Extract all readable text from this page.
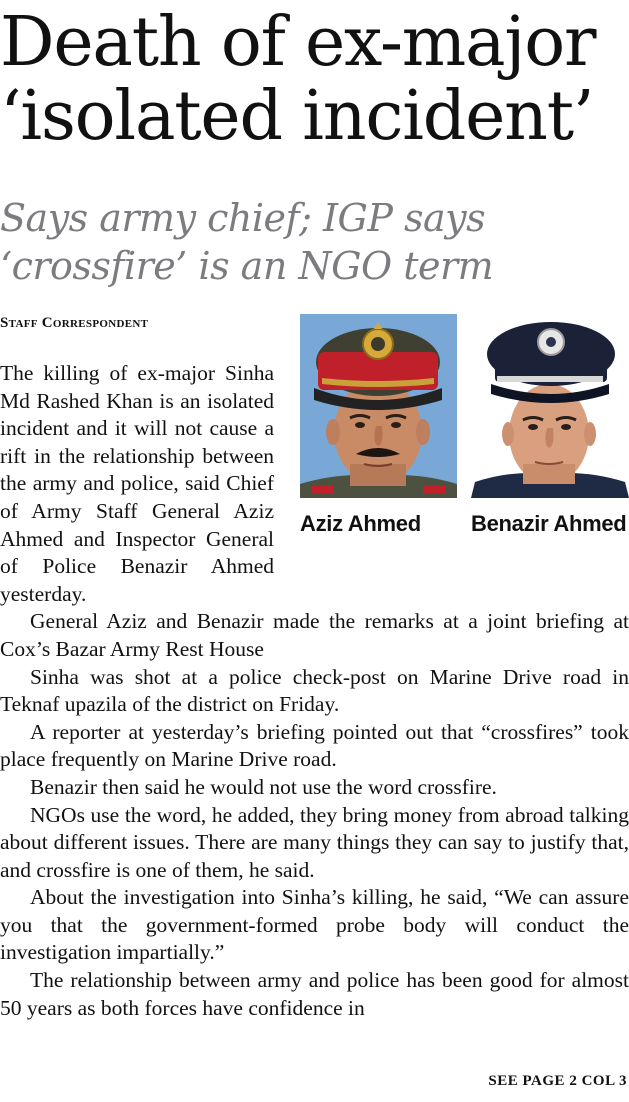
Death of ex-major ‘isolated incident’
Says army chief; IGP says ‘crossfire’ is an NGO term
Staff Correspondent
Aziz Ahmed	Benazir Ahmed

The killing of ex-major Sinha Md Rashed Khan is an isolated incident and it will not cause a rift in the relationship between the army and police, said Chief of Army Staff General Aziz Ahmed and Inspector General of Police Benazir Ahmed yesterday.

General Aziz and Benazir made the remarks at a joint briefing at Cox’s Bazar Army Rest House

Sinha was shot at a police check-post on Marine Drive road in Teknaf upazila of the district on Friday.

A reporter at yesterday’s briefing pointed out that “crossfires” took place frequently on Marine Drive road.

Benazir then said he would not use the word crossfire.

NGOs use the word, he added, they bring money from abroad talking about different issues. There are many things they can say to justify that, and crossfire is one of them, he said.

About the investigation into Sinha’s killing, he said, “We can assure you that the government-formed probe body will conduct the investigation impartially.”

The relationship between army and police has been good for almost 50 years as both forces have confidence in

SEE PAGE 2 COL 3
